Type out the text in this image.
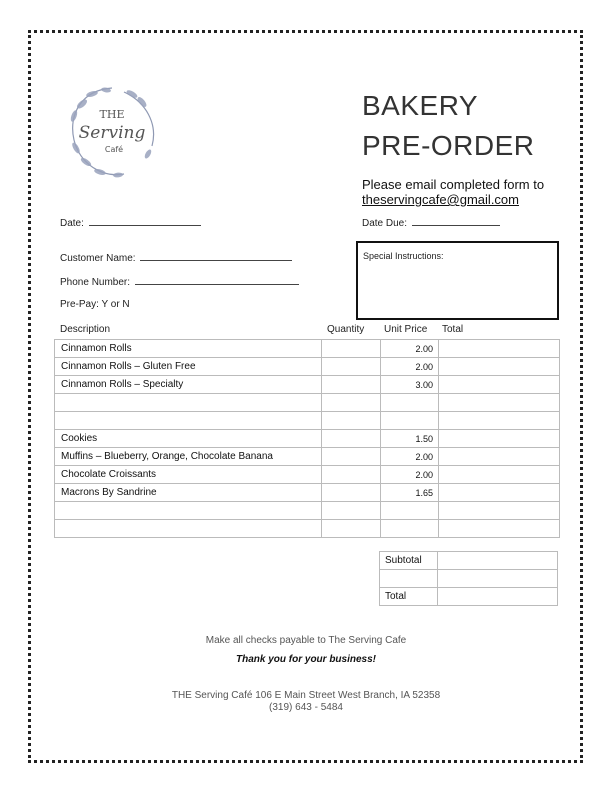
THE
Serving
Café
BAKERY
PRE-ORDER
Please email completed form to
theservingcafe@gmail.com
Date:	Date Due:
Customer Name:
Phone Number:
Pre-Pay: Y or N
Special Instructions:
Description	Quantity Unit Price Total
Cinnamon Rolls		2.00	
Cinnamon Rolls – Gluten Free		2.00	
Cinnamon Rolls – Specialty		3.00	

Cookies		1.50	
Muffins – Blueberry, Orange, Chocolate Banana		2.00	
Chocolate Croissants		2.00	
Macrons By Sandrine		1.65	

Subtotal	

Total	
Make all checks payable to The Serving Cafe
Thank you for your business!
THE Serving Café 106 E Main Street West Branch, IA 52358
(319) 643 - 5484
